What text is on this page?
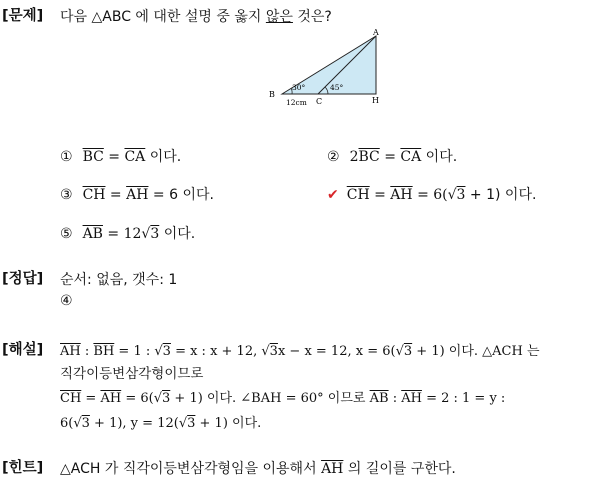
[문제] 다음 △ABC 에 대한 설명 중 옳지 않은 것은?
A
B
C	H
30°	45°
12cm
① $\overline{BC} = \overline{CA}$ 이다.	② $2\overline{BC} = \overline{CA}$ 이다.
③ $\overline{CH} = \overline{AH} = 6$ 이다.	✔ $\overline{CH} = \overline{AH} = 6$( √ 3 + 1) 이다.
⑤ $\overline{AB} = 12$ √ 3 이다.
[정답] 순서: 없음, 갯수: 1
④
[해설] $\overline{AH}$ : $\overline{BH} = 1$ : √ 3 = x : x + 12, √ 3x − x = 12, x = 6( √ 3 + 1) 이다. △ACH 는
직각이등변삼각형이므로
$\overline{CH} = \overline{AH} = 6$( √ 3 + 1) 이다. ∠BAH = 60° 이므로 $\overline{AB}$ : $\overline{AH} = 2$ : 1 = y :
6( √ 3 + 1), y = 12( √ 3 + 1) 이다.
[힌트] △ACH 가 직각이등변삼각형임을 이용해서 $\overline{AH}$ 의 길이를 구한다.
